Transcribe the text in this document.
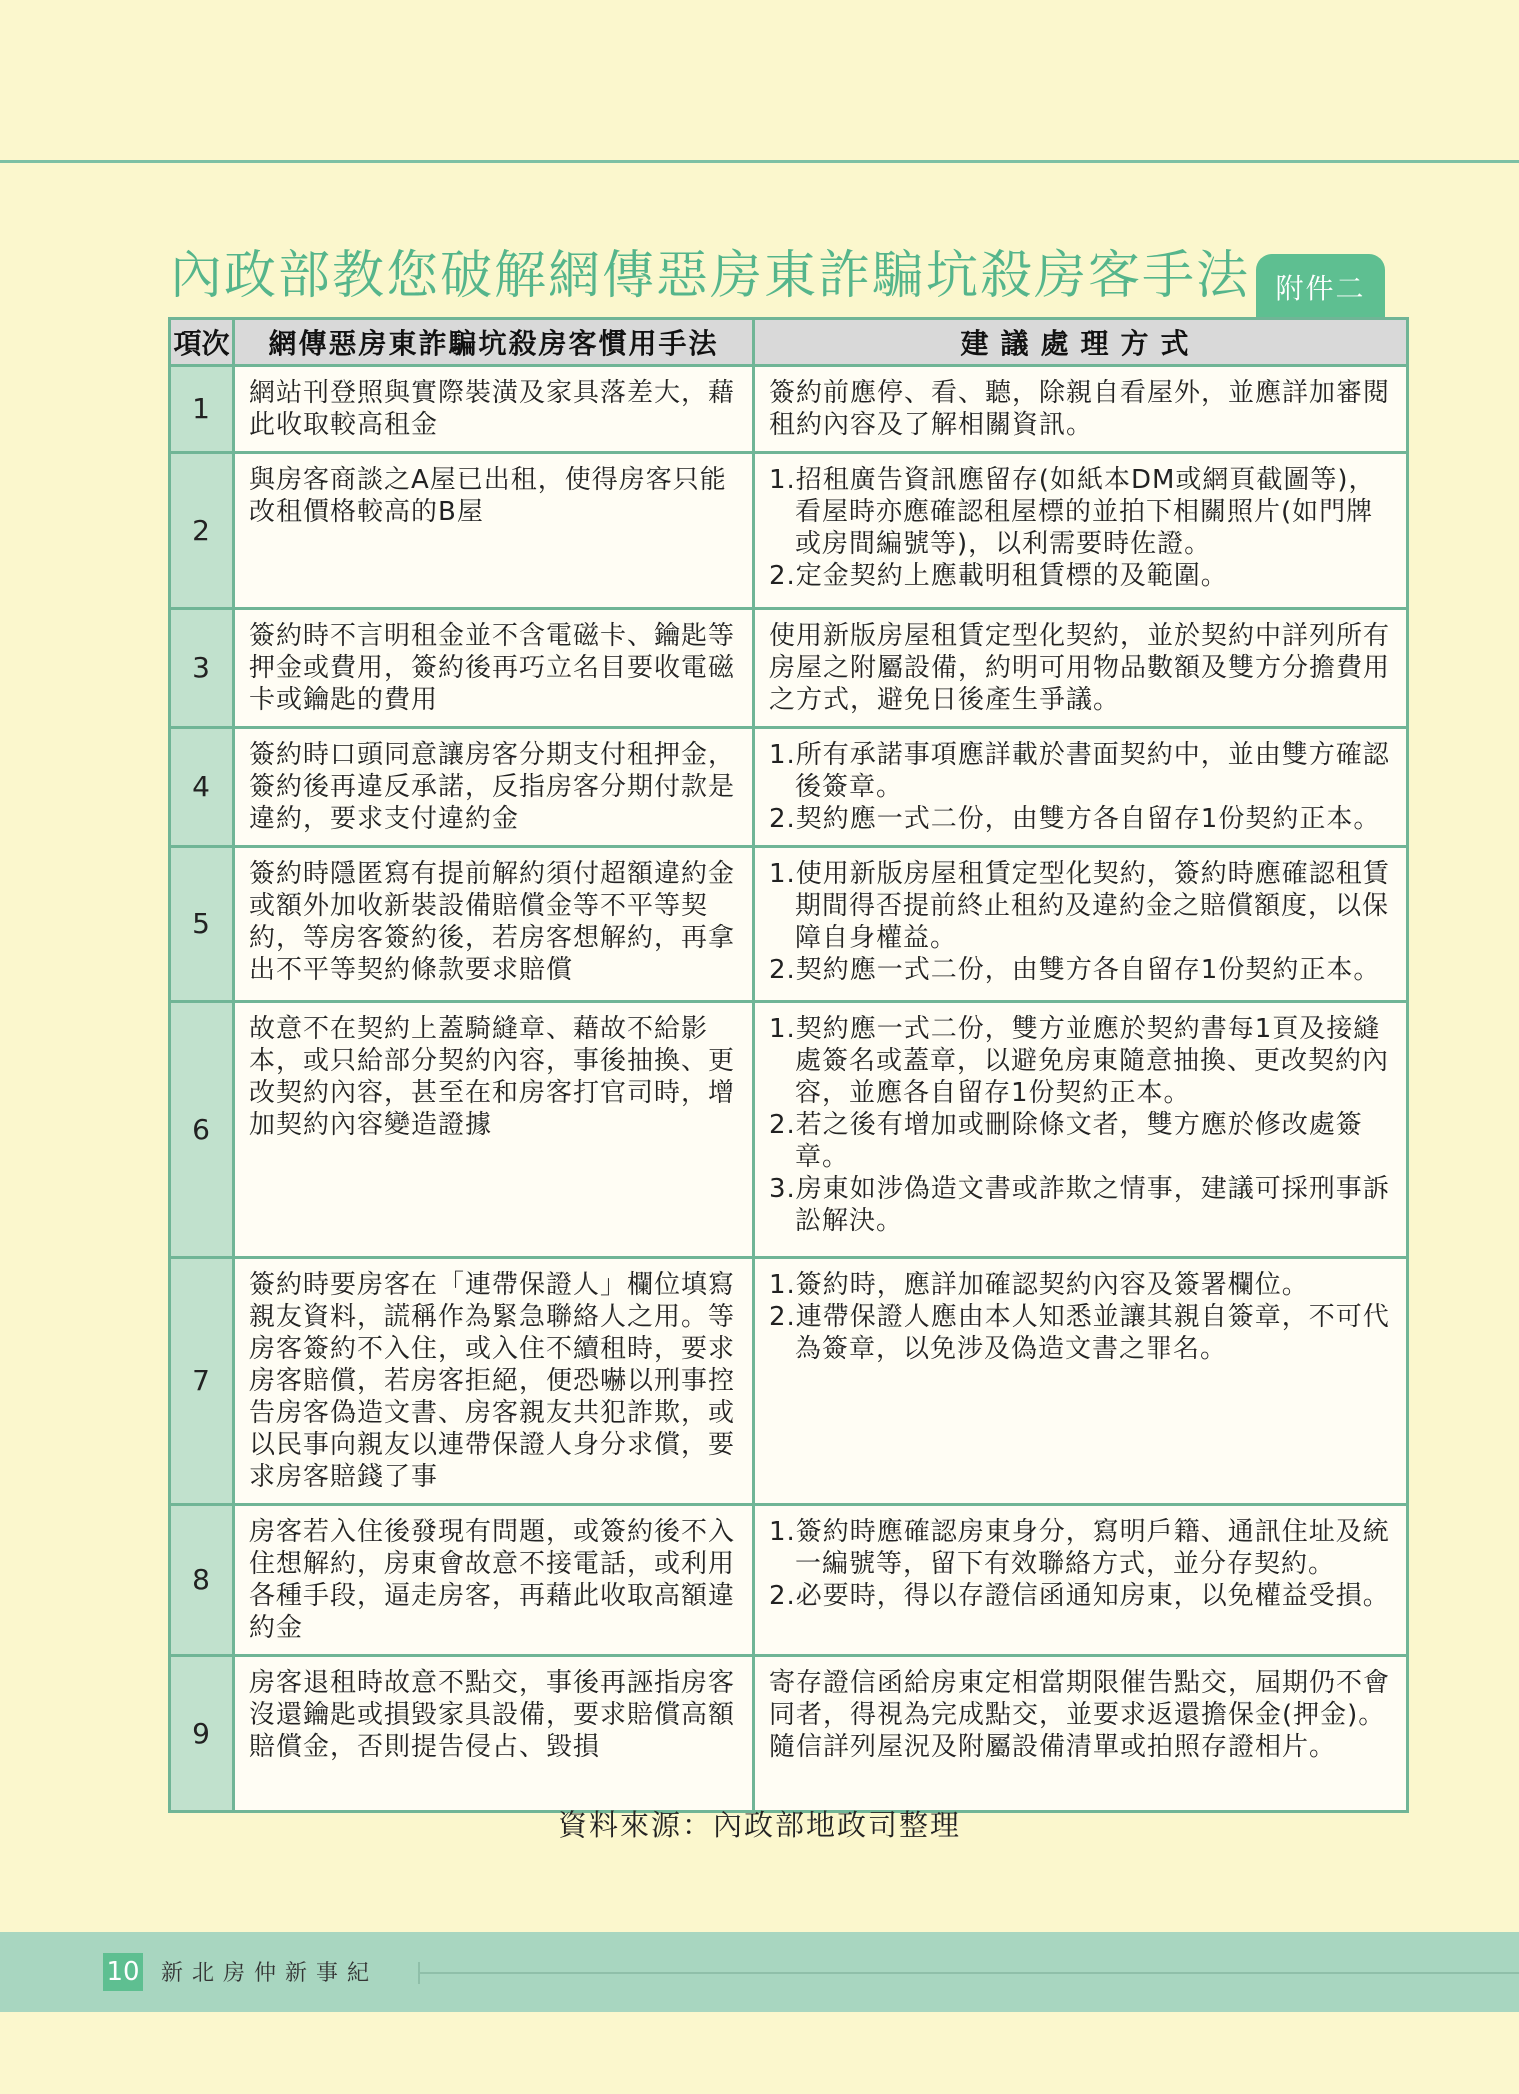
內政部教您破解網傳惡房東詐騙坑殺房客手法 附件二
項次	網傳惡房東詐騙坑殺房客慣用手法	建議處理方式
1	網站刊登照與實際裝潢及家具落差大，藉此收取較高租金	簽約前應停、看、聽，除親自看屋外，並應詳加審閱租約內容及了解相關資訊。

2	與房客商談之A屋已出租，使得房客只能改租價格較高的B屋	1.招租廣告資訊應留存(如紙本DM或網頁截圖等)，看屋時亦應確認租屋標的並拍下相關照片(如門牌或房間編號等)，以利需要時佐證。
2.定金契約上應載明租賃標的及範圍。

3	簽約時不言明租金並不含電磁卡、鑰匙等押金或費用，簽約後再巧立名目要收電磁卡或鑰匙的費用	使用新版房屋租賃定型化契約，並於契約中詳列所有房屋之附屬設備，約明可用物品數額及雙方分擔費用之方式，避免日後產生爭議。

4	簽約時口頭同意讓房客分期支付租押金，簽約後再違反承諾，反指房客分期付款是違約，要求支付違約金	1.所有承諾事項應詳載於書面契約中，並由雙方確認後簽章。
2.契約應一式二份，由雙方各自留存1份契約正本。

5	簽約時隱匿寫有提前解約須付超額違約金或額外加收新裝設備賠償金等不平等契約，等房客簽約後，若房客想解約，再拿出不平等契約條款要求賠償	1.使用新版房屋租賃定型化契約，簽約時應確認租賃期間得否提前終止租約及違約金之賠償額度，以保障自身權益。
2.契約應一式二份，由雙方各自留存1份契約正本。

6	故意不在契約上蓋騎縫章、藉故不給影本，或只給部分契約內容，事後抽換、更改契約內容，甚至在和房客打官司時，增加契約內容變造證據	1.契約應一式二份，雙方並應於契約書每1頁及接縫處簽名或蓋章，以避免房東隨意抽換、更改契約內容，並應各自留存1份契約正本。
2.若之後有增加或刪除條文者，雙方應於修改處簽章。
3.房東如涉偽造文書或詐欺之情事，建議可採刑事訴訟解決。

7	簽約時要房客在「連帶保證人」欄位填寫親友資料，謊稱作為緊急聯絡人之用。等房客簽約不入住，或入住不續租時，要求房客賠償，若房客拒絕，便恐嚇以刑事控告房客偽造文書、房客親友共犯詐欺，或以民事向親友以連帶保證人身分求償，要求房客賠錢了事	1.簽約時，應詳加確認契約內容及簽署欄位。
2.連帶保證人應由本人知悉並讓其親自簽章，不可代為簽章，以免涉及偽造文書之罪名。

8	房客若入住後發現有問題，或簽約後不入住想解約，房東會故意不接電話，或利用各種手段，逼走房客，再藉此收取高額違約金	1.簽約時應確認房東身分，寫明戶籍、通訊住址及統一編號等，留下有效聯絡方式，並分存契約。
2.必要時，得以存證信函通知房東，以免權益受損。

9	房客退租時故意不點交，事後再誣指房客沒還鑰匙或損毀家具設備，要求賠償高額賠償金，否則提告侵占、毀損	寄存證信函給房東定相當期限催告點交，屆期仍不會同者，得視為完成點交，並要求返還擔保金(押金)。隨信詳列屋況及附屬設備清單或拍照存證相片。
資料來源：內政部地政司整理
10 新北房仲新事紀
